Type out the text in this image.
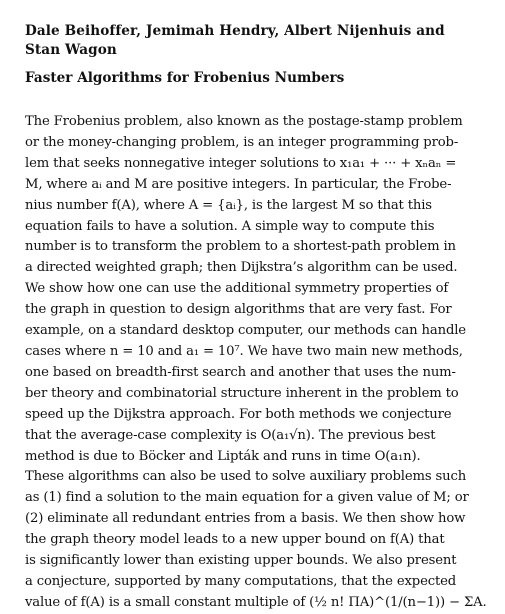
Dale Beihoffer, Jemimah Hendry, Albert Nijenhuis and
Stan Wagon
Faster Algorithms for Frobenius Numbers
The Frobenius problem, also known as the postage-stamp problem
or the money-changing problem, is an integer programming prob-
lem that seeks nonnegative integer solutions to x₁a₁ + ··· + xₙaₙ =
M, where aᵢ and M are positive integers. In particular, the Frobe-
nius number f(A), where A = {aᵢ}, is the largest M so that this
equation fails to have a solution. A simple way to compute this
number is to transform the problem to a shortest-path problem in
a directed weighted graph; then Dijkstra’s algorithm can be used.
We show how one can use the additional symmetry properties of
the graph in question to design algorithms that are very fast. For
example, on a standard desktop computer, our methods can handle
cases where n = 10 and a₁ = 10⁷. We have two main new methods,
one based on breadth-first search and another that uses the num-
ber theory and combinatorial structure inherent in the problem to
speed up the Dijkstra approach. For both methods we conjecture
that the average-case complexity is O(a₁√n). The previous best
method is due to Böcker and Lipták and runs in time O(a₁n).
These algorithms can also be used to solve auxiliary problems such
as (1) find a solution to the main equation for a given value of M; or
(2) eliminate all redundant entries from a basis. We then show how
the graph theory model leads to a new upper bound on f(A) that
is significantly lower than existing upper bounds. We also present
a conjecture, supported by many computations, that the expected
value of f(A) is a small constant multiple of (½ n! ΠA)^(1/(n−1)) − ΣA.
